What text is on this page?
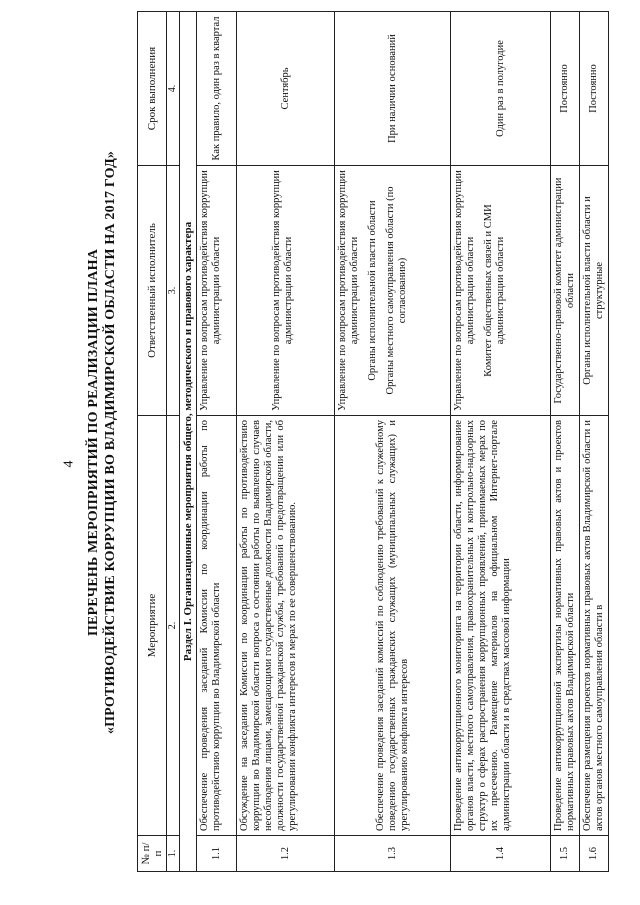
4 ПЕРЕЧЕНЬ МЕРОПРИЯТИЙ ПО РЕАЛИЗАЦИИ ПЛАНА «ПРОТИВОДЕЙСТВИЕ КОРРУПЦИИ ВО ВЛАДИМИРСКОЙ ОБЛАСТИ НА 2017 ГОД»
№ п/п	Мероприятие	Ответственный исполнитель	Срок выполнения
1.	2.	3.	4.
Раздел I. Организационные мероприятия общего, методического и правового характера			
1.1	Обеспечение проведения заседаний Комиссии по координации работы по противодействию коррупции во Владимирской области	Управление по вопросам противодействия коррупции администрации области	Как правило, один раз в квартал
1.2	Обсуждение на заседании Комиссии по координации работы по противодействию коррупции во Владимирской области вопроса о состоянии работы по выявлению случаев несоблюдения лицами, замещающими государственные должности Владимирской области, должности государственной гражданской службы, требований о предотвращении или об урегулировании конфликта интересов и мерах по ее совершенствованию.	Управление по вопросам противодействия коррупции администрации области	Сентябрь
1.3	Обеспечение проведения заседаний комиссий по соблюдению требований к служебному поведению государственных гражданских служащих (муниципальных служащих) и урегулированию конфликта интересов	Управление по вопросам противодействия коррупции администрации области Органы исполнительной власти области Органы местного самоуправления области (по согласованию)	При наличии оснований
1.4	Проведение антикоррупционного мониторинга на территории области, информирование органов власти, местного самоуправления, правоохранительных и контрольно-надзорных структур о сферах распространения коррупционных проявлений, принимаемых мерах по их пресечению. Размещение материалов на официальном Интернет-портале администрации области и в средствах массовой информации	Управление по вопросам противодействия коррупции администрации области Комитет общественных связей и СМИ администрации области	Один раз в полугодие
1.5	Проведение антикоррупционной экспертизы нормативных правовых актов и проектов нормативных правовых актов Владимирской области	Государственно-правовой комитет администрации области	Постоянно
1.6	Обеспечение размещения проектов нормативных правовых актов Владимирской области и актов органов местного самоуправления области в	Органы исполнительной власти области и структурные	Постоянно
